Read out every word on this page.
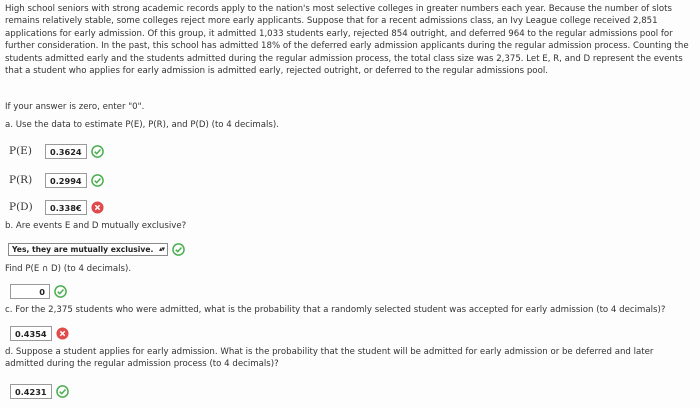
High school seniors with strong academic records apply to the nation's most selective colleges in greater numbers each year. Because the number of slots remains relatively stable, some colleges reject more early applicants. Suppose that for a recent admissions class, an Ivy League college received 2,851 applications for early admission. Of this group, it admitted 1,033 students early, rejected 854 outright, and deferred 964 to the regular admissions pool for further consideration. In the past, this school has admitted 18% of the deferred early admission applicants during the regular admission process. Counting the students admitted early and the students admitted during the regular admission process, the total class size was 2,375. Let E, R, and D represent the events that a student who applies for early admission is admitted early, rejected outright, or deferred to the regular admissions pool.

If your answer is zero, enter "0".

a. Use the data to estimate P(E), P(R), and P(D) (to 4 decimals).

P(E)	0.3624
P(R)	0.2994
P(D)	0.338€

b. Are events E and D mutually exclusive?

Yes, they are mutually exclusive. ▴▾

Find P(E ∩ D) (to 4 decimals).

0

c. For the 2,375 students who were admitted, what is the probability that a randomly selected student was accepted for early admission (to 4 decimals)?

0.4354

d. Suppose a student applies for early admission. What is the probability that the student will be admitted for early admission or be deferred and later admitted during the regular admission process (to 4 decimals)?

0.4231
